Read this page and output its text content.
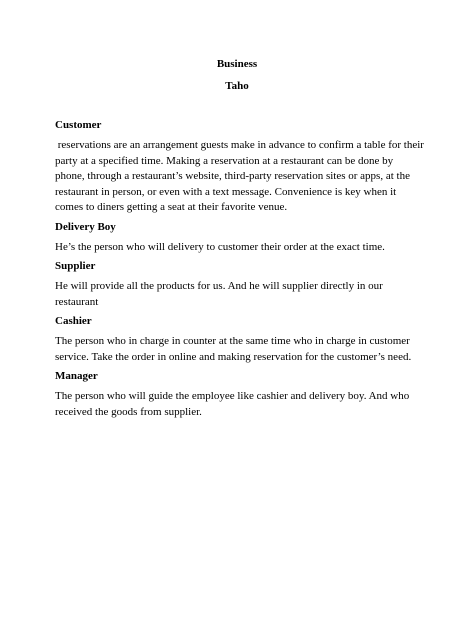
Business

Taho

Customer

reservations are an arrangement guests make in advance to confirm a table for their party at a specified time. Making a reservation at a restaurant can be done by phone, through a restaurant’s website, third-party reservation sites or apps, at the restaurant in person, or even with a text message. Convenience is key when it comes to diners getting a seat at their favorite venue.

Delivery Boy

He’s the person who will delivery to customer their order at the exact time.

Supplier

He will provide all the products for us. And he will supplier directly in our restaurant

Cashier

The person who in charge in counter at the same time who in charge in customer service. Take the order in online and making reservation for the customer’s need.

Manager

The person who will guide the employee like cashier and delivery boy. And who received the goods from supplier.
